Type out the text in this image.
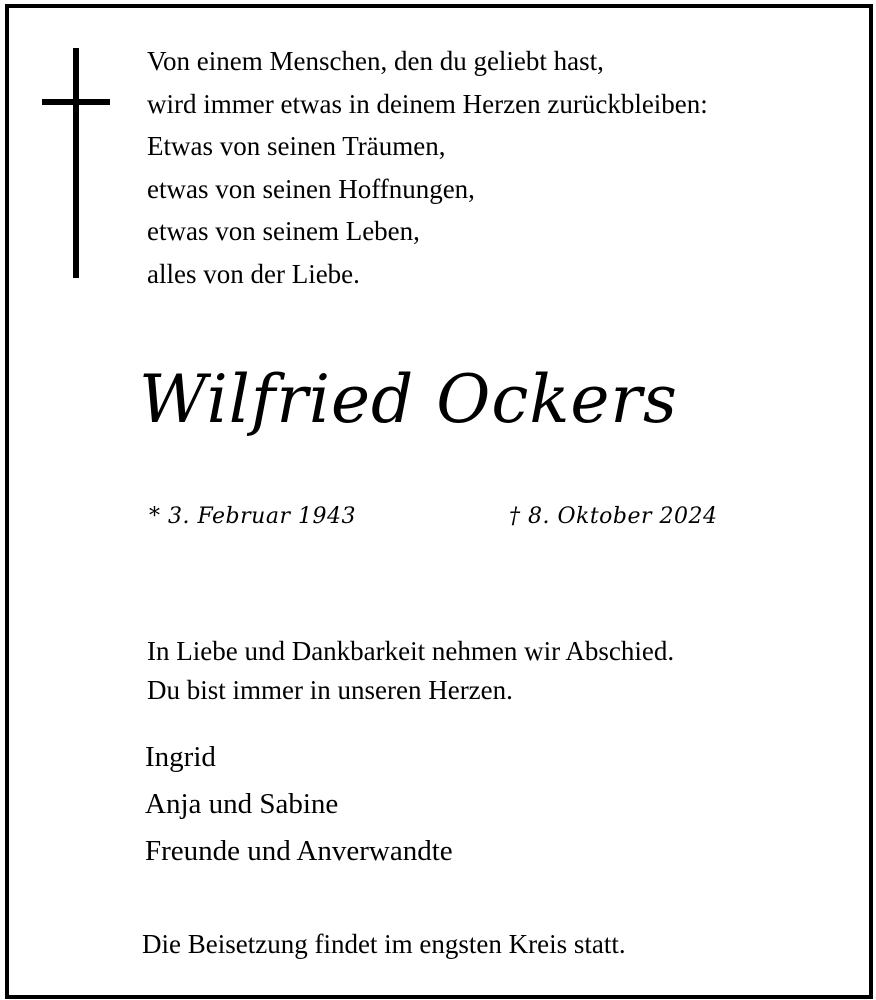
Von einem Menschen, den du geliebt hast,
wird immer etwas in deinem Herzen zurückbleiben:
Etwas von seinen Träumen,
etwas von seinen Hoffnungen,
etwas von seinem Leben,
alles von der Liebe.
Wilfried Ockers
* 3. Februar 1943	† 8. Oktober 2024
In Liebe und Dankbarkeit nehmen wir Abschied.
Du bist immer in unseren Herzen.
Ingrid
Anja und Sabine
Freunde und Anverwandte
Die Beisetzung findet im engsten Kreis statt.
